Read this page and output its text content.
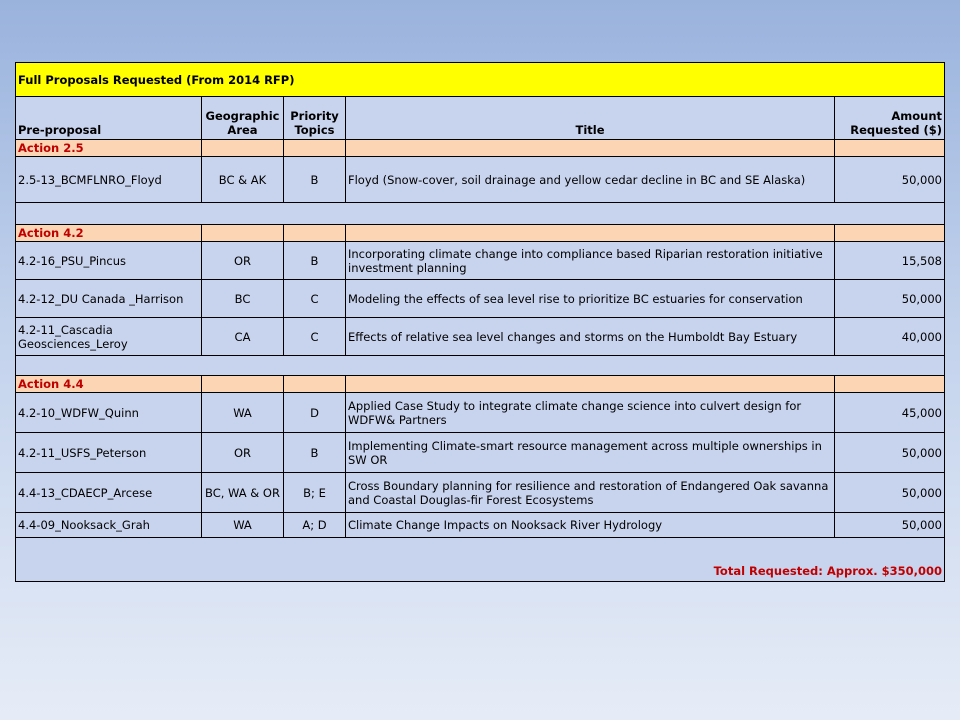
Full Proposals Requested (From 2014 RFP)				
Pre-proposal	Geographic Area	Priority Topics	Title	Amount Requested ($)
Action 2.5				
2.5-13_BCMFLNRO_Floyd	BC & AK	B	Floyd (Snow-cover, soil drainage and yellow cedar decline in BC and SE Alaska)	50,000

Action 4.2				
4.2-16_PSU_Pincus	OR	B	Incorporating climate change into compliance based Riparian restoration initiative investment planning	15,508
4.2-12_DU Canada _Harrison	BC	C	Modeling the effects of sea level rise to prioritize BC estuaries for conservation	50,000
4.2-11_Cascadia Geosciences_Leroy	CA	C	Effects of relative sea level changes and storms on the Humboldt Bay Estuary	40,000

Action 4.4				
4.2-10_WDFW_Quinn	WA	D	Applied Case Study to integrate climate change science into culvert design for WDFW& Partners	45,000
4.2-11_USFS_Peterson	OR	B	Implementing Climate-smart resource management across multiple ownerships in SW OR	50,000
4.4-13_CDAECP_Arcese	BC, WA & OR	B; E	Cross Boundary planning for resilience and restoration of Endangered Oak savanna and Coastal Douglas-fir Forest Ecosystems	50,000
4.4-09_Nooksack_Grah	WA	A; D	Climate Change Impacts on Nooksack River Hydrology	50,000
Total Requested: Approx. $350,000				
